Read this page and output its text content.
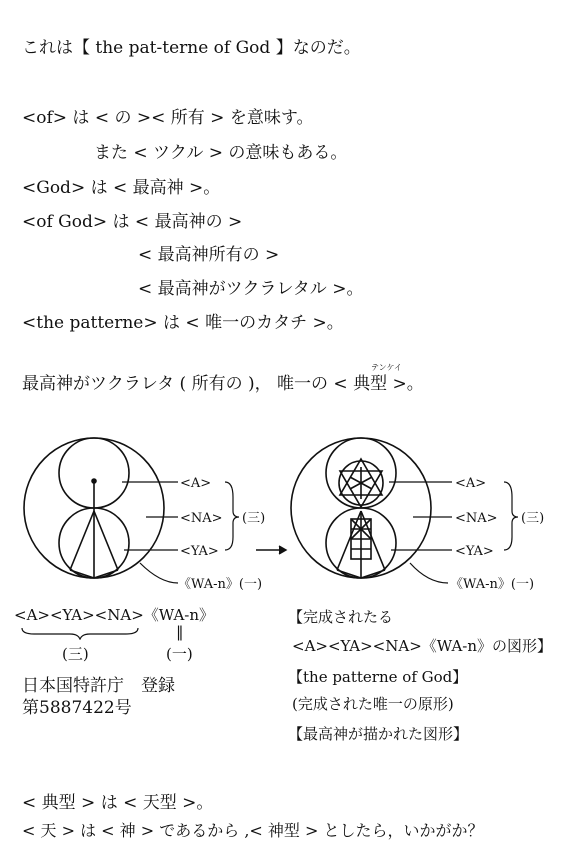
これは【 the pat-terne of God 】なのだ。
<of> は < の >< 所有 > を意味す。
また < ツクル > の意味もある。
<God> は < 最高神 >。
<of God> は < 最高神の >
< 最高神所有の >
< 最高神がツクラレタル >。
<the patterne> は < 唯一のカタチ >。
テンケイ
最高神がツクラレタ ( 所有の )， 唯一の < 典型 >。
<A>
<NA>
<YA>
(三)
《WA-n》(一)
<A>
<NA>
<YA>
(三)
《WA-n》(一)
<A><YA><NA>《WA-n》
‖
(三)	(一)
日本国特許庁　登録
第5887422号
【完成されたる
<A><YA><NA>《WA-n》の図形】
【the patterne of God】
(完成された唯一の原形)
【最高神が描かれた図形】
< 典型 > は < 天型 >。
< 天 > は < 神 > であるから ,< 神型 > としたら，いかがか？
